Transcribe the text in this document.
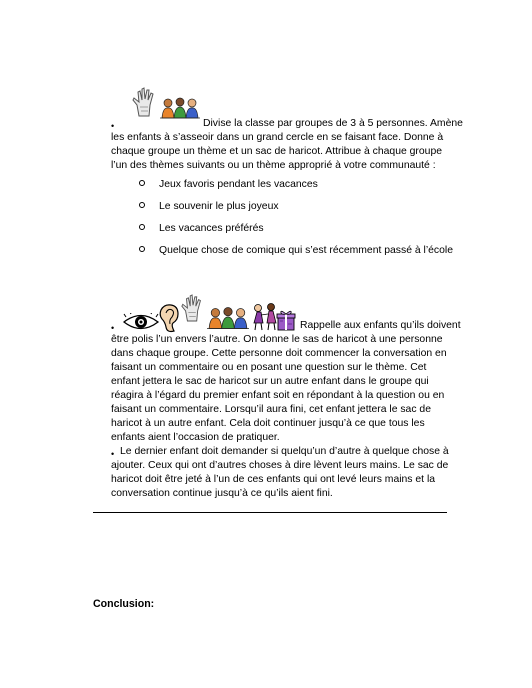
•	Divise la classe par groupes de 3 à 5 personnes. Amène

les enfants à s’asseoir dans un grand cercle en se faisant face. Donne à

chaque groupe un thème et un sac de haricot. Attribue à chaque groupe

l’un des thèmes suivants ou un thème approprié à votre communauté :

Jeux favoris pendant les vacances
Le souvenir le plus joyeux
Les vacances préférés
Quelque chose de comique qui s’est récemment passé à l’école
•	Rappelle aux enfants qu’ils doivent

être polis l’un envers l’autre. On donne le sas de haricot à une personne

dans chaque groupe. Cette personne doit commencer la conversation en

faisant un commentaire ou en posant une question sur le thème. Cet

enfant jettera le sac de haricot sur un autre enfant dans le groupe qui

réagira à l’égard du premier enfant soit en répondant à la question ou en

faisant un commentaire. Lorsqu’il aura fini, cet enfant jettera le sac de

haricot à un autre enfant. Cela doit continuer jusqu’à ce que tous les

enfants aient l’occasion de pratiquer.

• Le dernier enfant doit demander si quelqu’un d’autre à quelque chose à

ajouter. Ceux qui ont d’autres choses à dire lèvent leurs mains. Le sac de

haricot doit être jeté à l’un de ces enfants qui ont levé leurs mains et la

conversation continue jusqu’à ce qu’ils aient fini.

Conclusion:
